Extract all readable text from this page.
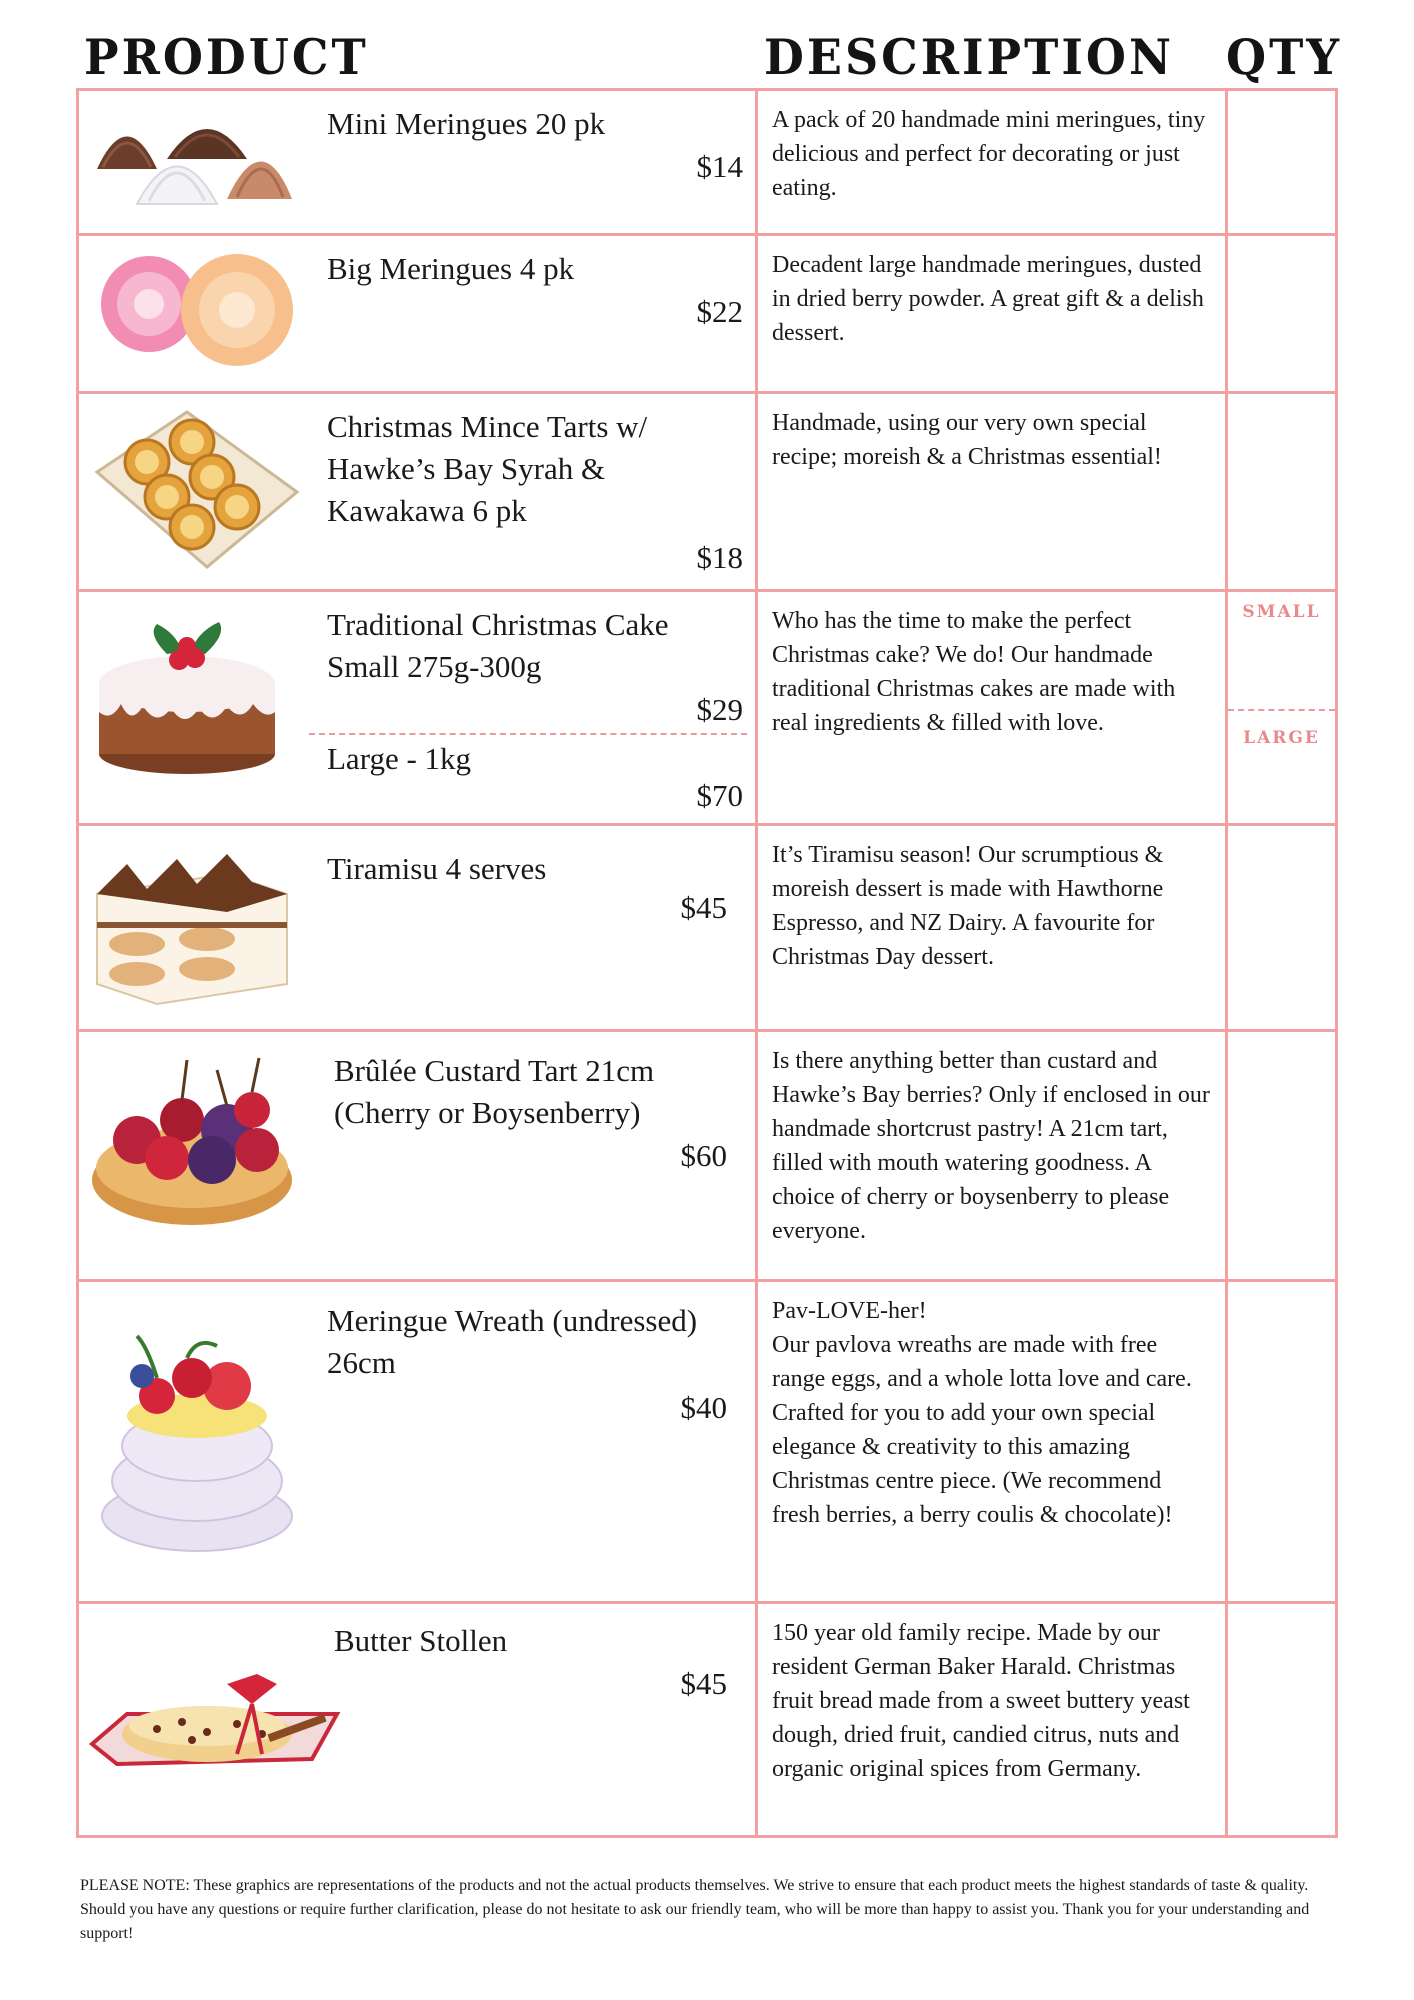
PRODUCT	DESCRIPTION QTY
Mini Meringues 20 pk
$14
A pack of 20 handmade mini meringues, tiny delicious and perfect for decorating or just eating.
Big Meringues 4 pk
$22
Decadent large handmade meringues, dusted in dried berry powder. A great gift & a delish dessert.
Christmas Mince Tarts w/ Hawke’s Bay Syrah & Kawakawa 6 pk
$18
Handmade, using our very own special recipe; moreish & a Christmas essential!
Traditional Christmas Cake Small 275g-300g
$29
Large - 1kg
$70
Who has the time to make the perfect Christmas cake? We do! Our handmade traditional Christmas cakes are made with real ingredients & filled with love.
SMALL
LARGE
Tiramisu 4 serves
$45
It’s Tiramisu season! Our scrumptious & moreish dessert is made with Hawthorne Espresso, and NZ Dairy. A favourite for Christmas Day dessert.
Brûlée Custard Tart 21cm (Cherry or Boysenberry)
$60
Is there anything better than custard and Hawke’s Bay berries? Only if enclosed in our handmade shortcrust pastry! A 21cm tart, filled with mouth watering goodness. A choice of cherry or boysenberry to please everyone.
Meringue Wreath (undressed) 26cm
$40
Pav-LOVE-her!
Our pavlova wreaths are made with free range eggs, and a whole lotta love and care. Crafted for you to add your own special elegance & creativity to this amazing Christmas centre piece. (We recommend fresh berries, a berry coulis & chocolate)!
Butter Stollen
$45
150 year old family recipe. Made by our resident German Baker Harald. Christmas fruit bread made from a sweet buttery yeast dough, dried fruit, candied citrus, nuts and organic original spices from Germany.
PLEASE NOTE: These graphics are representations of the products and not the actual products themselves. We strive to ensure that each product meets the highest standards of taste & quality. Should you have any questions or require further clarification, please do not hesitate to ask our friendly team, who will be more than happy to assist you. Thank you for your understanding and support!
